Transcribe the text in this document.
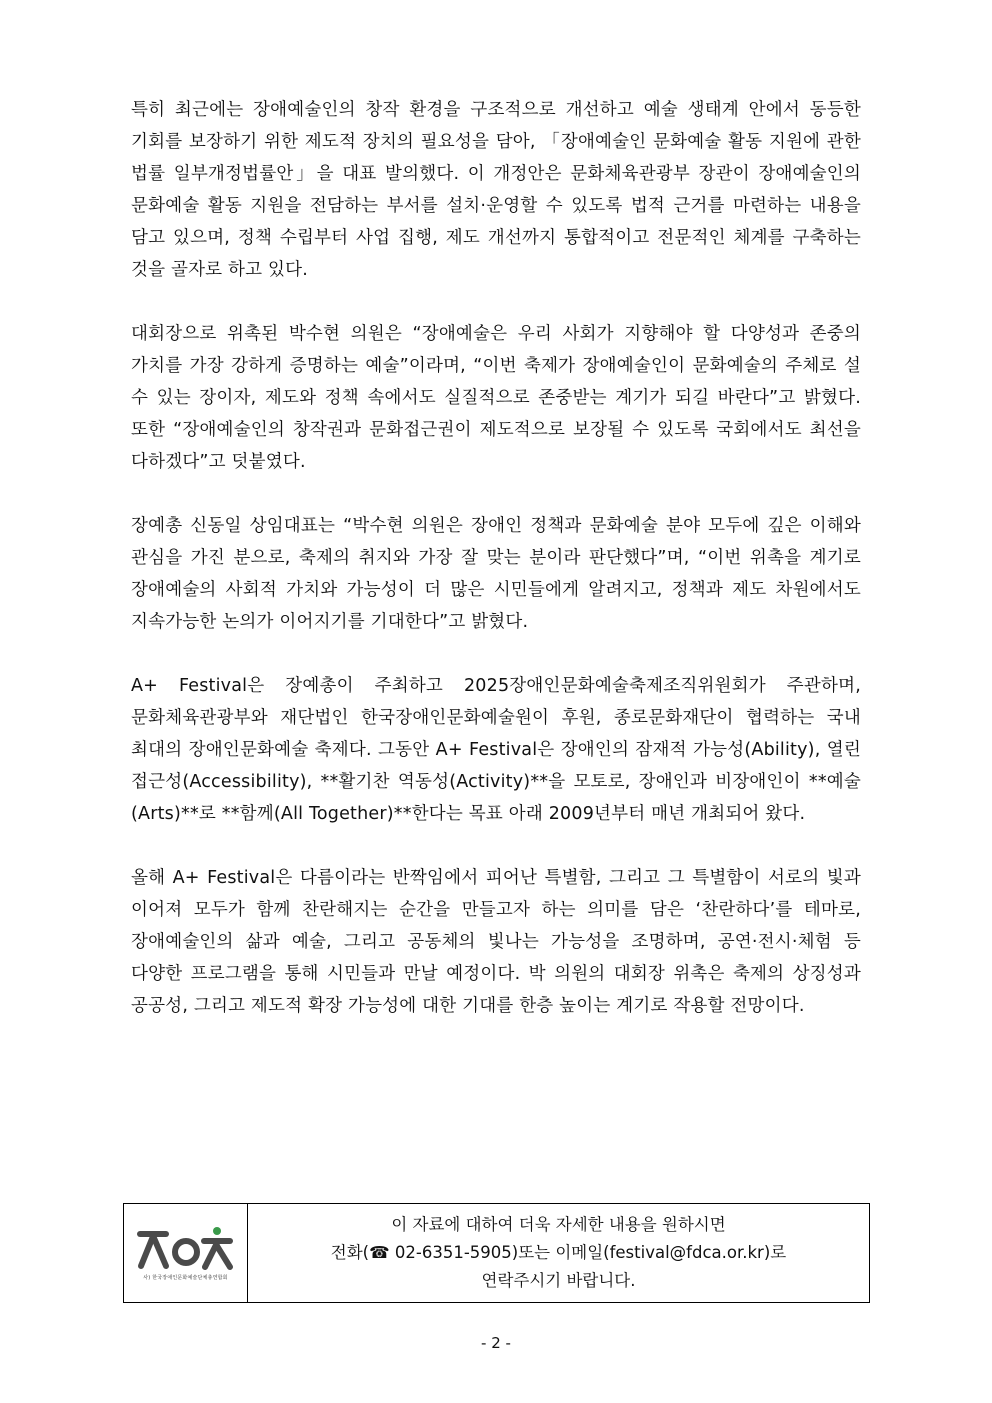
특히 최근에는 장애예술인의 창작 환경을 구조적으로 개선하고 예술 생태계 안에서 동등한 기회를 보장하기 위한 제도적 장치의 필요성을 담아, 「장애예술인 문화예술 활동 지원에 관한 법률 일부개정법률안」을 대표 발의했다. 이 개정안은 문화체육관광부 장관이 장애예술인의 문화예술 활동 지원을 전담하는 부서를 설치·운영할 수 있도록 법적 근거를 마련하는 내용을 담고 있으며, 정책 수립부터 사업 집행, 제도 개선까지 통합적이고 전문적인 체계를 구축하는 것을 골자로 하고 있다.

대회장으로 위촉된 박수현 의원은 “장애예술은 우리 사회가 지향해야 할 다양성과 존중의 가치를 가장 강하게 증명하는 예술”이라며, “이번 축제가 장애예술인이 문화예술의 주체로 설 수 있는 장이자, 제도와 정책 속에서도 실질적으로 존중받는 계기가 되길 바란다”고 밝혔다. 또한 “장애예술인의 창작권과 문화접근권이 제도적으로 보장될 수 있도록 국회에서도 최선을 다하겠다”고 덧붙였다.

장예총 신동일 상임대표는 “박수현 의원은 장애인 정책과 문화예술 분야 모두에 깊은 이해와 관심을 가진 분으로, 축제의 취지와 가장 잘 맞는 분이라 판단했다”며, “이번 위촉을 계기로 장애예술의 사회적 가치와 가능성이 더 많은 시민들에게 알려지고, 정책과 제도 차원에서도 지속가능한 논의가 이어지기를 기대한다”고 밝혔다.

A+ Festival은 장예총이 주최하고 2025장애인문화예술축제조직위원회가 주관하며, 문화체육관광부와 재단법인 한국장애인문화예술원이 후원, 종로문화재단이 협력하는 국내 최대의 장애인문화예술 축제다. 그동안 A+ Festival은 장애인의 잠재적 가능성(Ability), 열린 접근성(Accessibility), **활기찬 역동성(Activity)**을 모토로, 장애인과 비장애인이 **예술(Arts)**로 **함께(All Together)**한다는 목표 아래 2009년부터 매년 개최되어 왔다.

올해 A+ Festival은 다름이라는 반짝임에서 피어난 특별함, 그리고 그 특별함이 서로의 빛과 이어져 모두가 함께 찬란해지는 순간을 만들고자 하는 의미를 담은 ‘찬란하다’를 테마로, 장애예술인의 삶과 예술, 그리고 공동체의 빛나는 가능성을 조명하며, 공연·전시·체험 등 다양한 프로그램을 통해 시민들과 만날 예정이다. 박 의원의 대회장 위촉은 축제의 상징성과 공공성, 그리고 제도적 확장 가능성에 대한 기대를 한층 높이는 계기로 작용할 전망이다.

사) 한국장애인문화예술단체총연합회
이 자료에 대하여 더욱 자세한 내용을 원하시면
전화(☎ 02-6351-5905)또는 이메일(festival@fdca.or.kr)로
연락주시기 바랍니다.
- 2 -
